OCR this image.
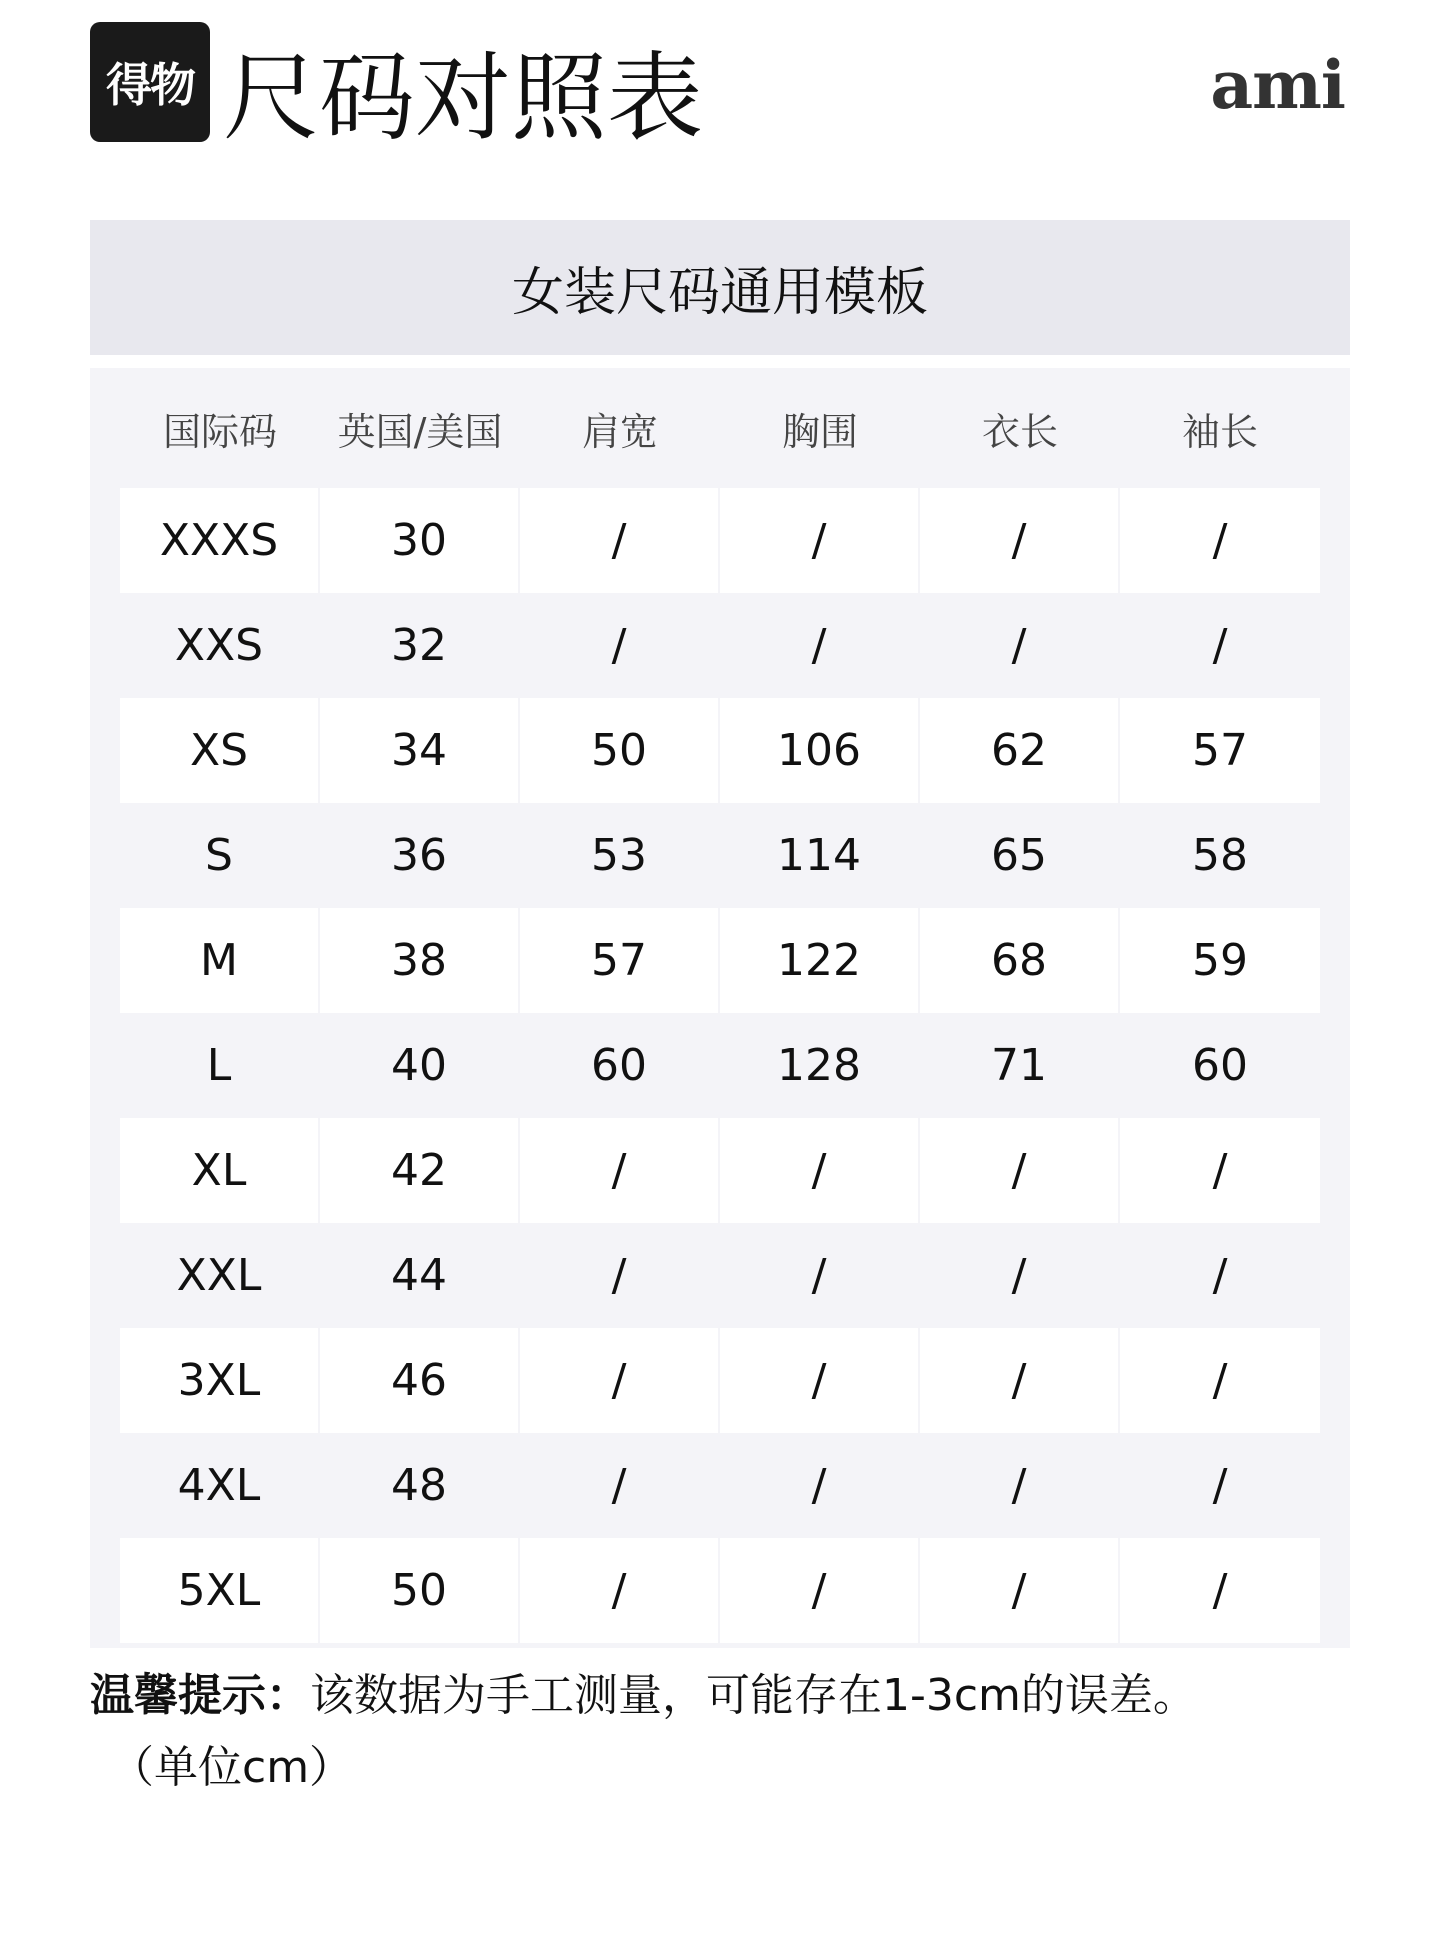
得物 尺码对照表	ami
女装尺码通用模板
国际码	英国/美国	肩宽	胸围	衣长	袖长
XXXS	30	/	/	/	/
XXS	32	/	/	/	/
XS	34	50	106	62	57
S	36	53	114	65	58
M	38	57	122	68	59
L	40	60	128	71	60
XL	42	/	/	/	/
XXL	44	/	/	/	/
3XL	46	/	/	/	/
4XL	48	/	/	/	/
5XL	50	/	/	/	/
温馨提示：该数据为手工测量，可能存在1-3cm的误差。
（单位cm）
